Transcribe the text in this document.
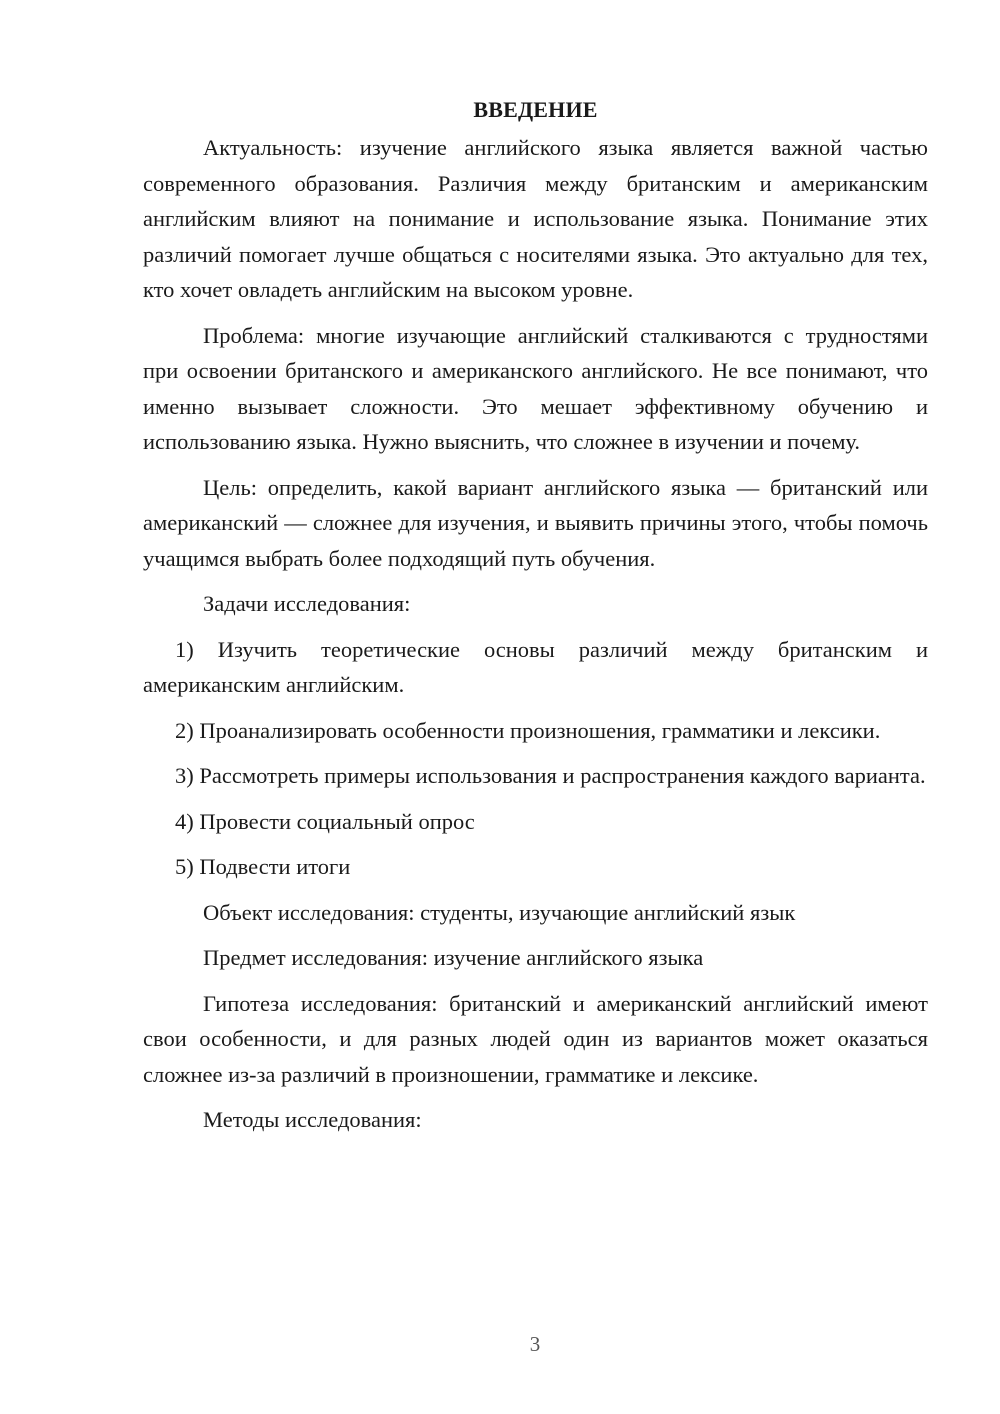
ВВЕДЕНИЕ

Актуальность: изучение английского языка является важной частью современного образования. Различия между британским и американским английским влияют на понимание и использование языка. Понимание этих различий помогает лучше общаться с носителями языка. Это актуально для тех, кто хочет овладеть английским на высоком уровне.

Проблема: многие изучающие английский сталкиваются с трудностями при освоении британского и американского английского. Не все понимают, что именно вызывает сложности. Это мешает эффективному обучению и использованию языка. Нужно выяснить, что сложнее в изучении и почему.

Цель: определить, какой вариант английского языка — британский или американский — сложнее для изучения, и выявить причины этого, чтобы помочь учащимся выбрать более подходящий путь обучения.

Задачи исследования:

1) Изучить теоретические основы различий между британским и американским английским.

2) Проанализировать особенности произношения, грамматики и лексики.

3) Рассмотреть примеры использования и распространения каждого варианта.

4) Провести социальный опрос

5) Подвести итоги

Объект исследования: студенты, изучающие английский язык

Предмет исследования: изучение английского языка

Гипотеза исследования: британский и американский английский имеют свои особенности, и для разных людей один из вариантов может оказаться сложнее из-за различий в произношении, грамматике и лексике.

Методы исследования:

3
